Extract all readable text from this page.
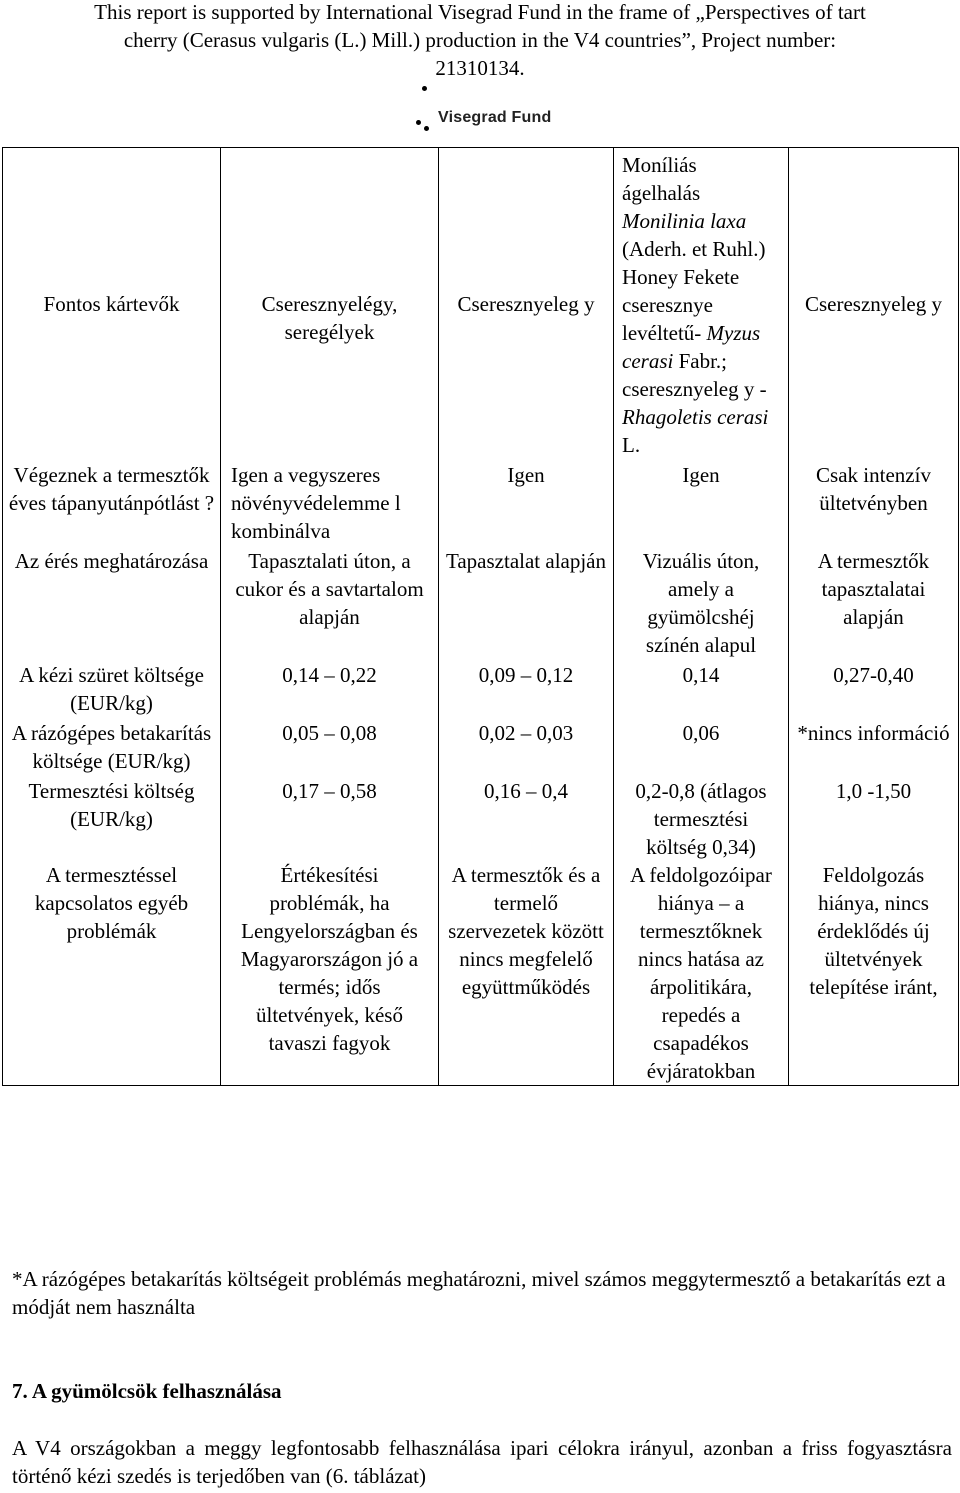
This report is supported by International Visegrad Fund in the frame of „Perspectives of tart
cherry (Cerasus vulgaris (L.) Mill.) production in the V4 countries”, Project number:
21310134.
Visegrad Fund
Fontos kártevők	Cseresznyelégy, seregélyek	Cseresznyeleg y	Moníliás ágelhalás Monilinia laxa (Aderh. et Ruhl.) Honey Fekete cseresznye levéltetű- Myzus cerasi Fabr.; cseresznyeleg y - Rhagoletis cerasi L.	Cseresznyeleg y
Végeznek a termesztők éves tápanyutánpótlást ?	Igen a vegyszeres növényvédelemme l kombinálva	Igen	Igen	Csak intenzív ültetvényben
Az érés meghatározása	Tapasztalati úton, a cukor és a savtartalom alapján	Tapasztalat alapján	Vizuális úton, amely a gyümölcshéj színén alapul	A termesztők tapasztalatai alapján
A kézi szüret költsége (EUR/kg)	0,14 – 0,22	0,09 – 0,12	0,14	0,27-0,40
A rázógépes betakarítás költsége (EUR/kg)	0,05 – 0,08	0,02 – 0,03	0,06	*nincs információ
Termesztési költség (EUR/kg)	0,17 – 0,58	0,16 – 0,4	0,2-0,8 (átlagos termesztési költség 0,34)	1,0 -1,50
A termesztéssel kapcsolatos egyéb problémák	Értékesítési problémák, ha Lengyelországban és Magyarországon jó a termés; idős ültetvények, késő tavaszi fagyok	A termesztők és a termelő szervezetek között nincs megfelelő együttműködés	A feldolgozóipar hiánya – a termesztőknek nincs hatása az árpolitikára, repedés a csapadékos évjáratokban	Feldolgozás hiánya, nincs érdeklődés új ültetvények telepítése iránt,
*A rázógépes betakarítás költségeit problémás meghatározni, mivel számos meggytermesztő a betakarítás ezt a módját nem használta
7. A gyümölcsök felhasználása
A V4 országokban a meggy legfontosabb felhasználása ipari célokra irányul, azonban a friss fogyasztásra történő kézi szedés is terjedőben van (6. táblázat)
